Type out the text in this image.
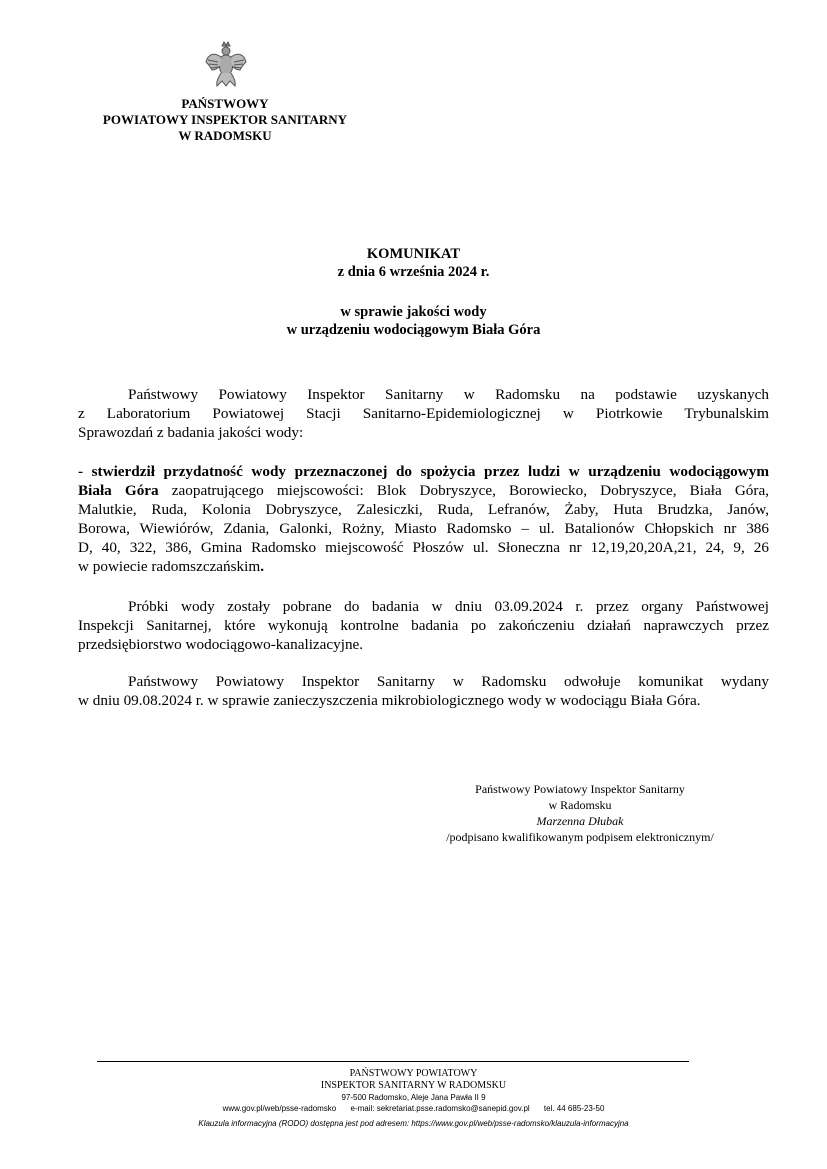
PAŃSTWOWY
POWIATOWY INSPEKTOR SANITARNY
W RADOMSKU
KOMUNIKAT
z dnia 6 września 2024 r.
w sprawie jakości wody
w urządzeniu wodociągowym Biała Góra
Państwowy Powiatowy Inspektor Sanitarny w Radomsku na podstawie uzyskanych
z Laboratorium Powiatowej Stacji Sanitarno-Epidemiologicznej w Piotrkowie Trybunalskim
Sprawozdań z badania jakości wody:
- stwierdził przydatność wody przeznaczonej do spożycia przez ludzi w urządzeniu wodociągowym
Biała Góra zaopatrującego miejscowości: Blok Dobryszyce, Borowiecko, Dobryszyce, Biała Góra,
Malutkie, Ruda, Kolonia Dobryszyce, Zalesiczki, Ruda, Lefranów, Żaby, Huta Brudzka, Janów,
Borowa, Wiewiórów, Zdania, Galonki, Rożny, Miasto Radomsko – ul. Batalionów Chłopskich nr 386
D, 40, 322, 386, Gmina Radomsko miejscowość Płoszów ul. Słoneczna nr 12,19,20,20A,21, 24, 9, 26
w powiecie radomszczańskim.
Próbki wody zostały pobrane do badania w dniu 03.09.2024 r. przez organy Państwowej
Inspekcji Sanitarnej, które wykonują kontrolne badania po zakończeniu działań naprawczych przez
przedsiębiorstwo wodociągowo-kanalizacyjne.
Państwowy Powiatowy Inspektor Sanitarny w Radomsku odwołuje komunikat wydany
w dniu 09.08.2024 r. w sprawie zanieczyszczenia mikrobiologicznego wody w wodociągu Biała Góra.
Państwowy Powiatowy Inspektor Sanitarny
w Radomsku
Marzenna Dłubak
/podpisano kwalifikowanym podpisem elektronicznym/
PAŃSTWOWY POWIATOWY
INSPEKTOR SANITARNY W RADOMSKU
97-500 Radomsko, Aleje Jana Pawła II 9
www.gov.pl/web/psse-radomsko e-mail: sekretariat.psse.radomsko@sanepid.gov.pl tel. 44 685-23-50
Klauzula informacyjna (RODO) dostępna jest pod adresem: https://www.gov.pl/web/psse-radomsko/klauzula-informacyjna
